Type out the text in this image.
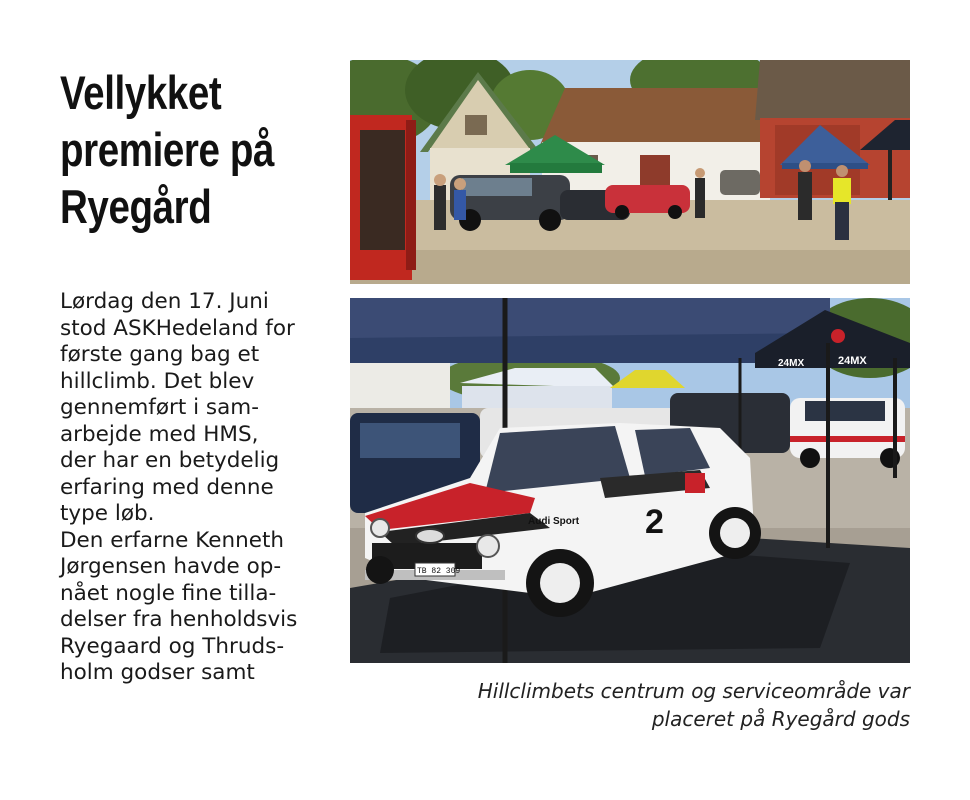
Vellykket
premiere på
Ryegård
Lørdag den 17. Juni
stod ASKHedeland for
første gang bag et
hillclimb. Det blev
gennemført i sam-
arbejde med HMS,
der har en betydelig
erfaring med denne
type løb.
Den erfarne Kenneth
Jørgensen havde op-
nået nogle fine tilla-
delser fra henholdsvis
Ryegaard og Thruds-
holm godser samt
24MX	24MX
Audi Sport 2
TB 82 309
Hillclimbets centrum og serviceområde var
placeret på Ryegård gods
